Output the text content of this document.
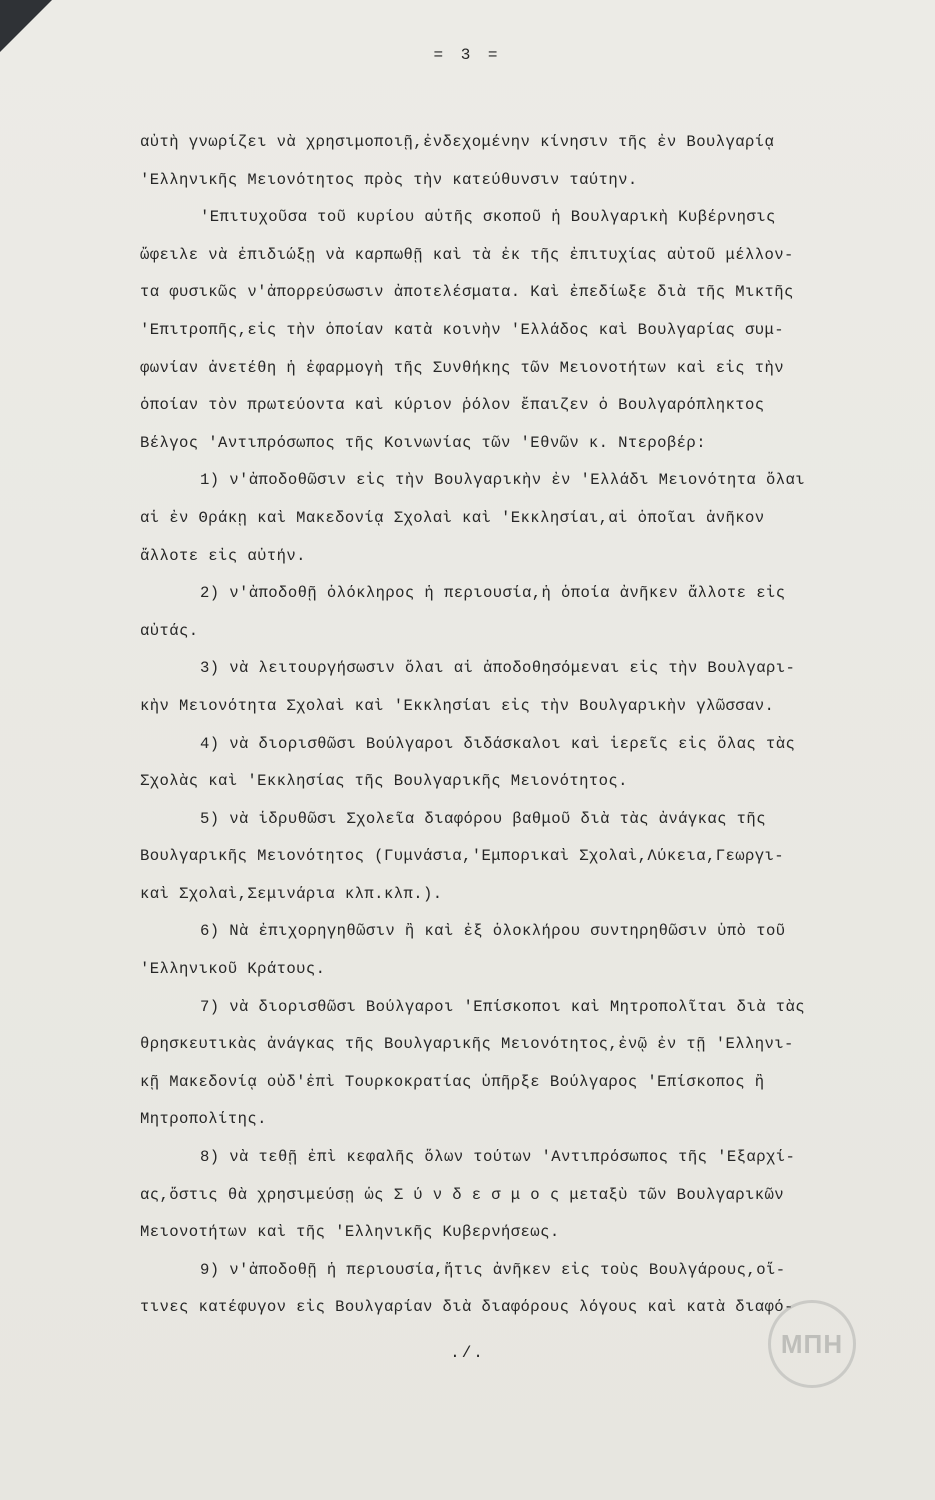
= 3 =

αὐτὴ γνωρίζει νὰ χρησιμοποιῇ,ἐνδεχομένην κίνησιν τῆς ἐν Βουλγαρίᾳ

'Ελληνικῆς Μειονότητος πρὸς τὴν κατεύθυνσιν ταύτην.

'Επιτυχοῦσα τοῦ κυρίου αὐτῆς σκοποῦ ἡ Βουλγαρικὴ Κυβέρνησις

ὤφειλε νὰ ἐπιδιώξῃ νὰ καρπωθῇ καὶ τὰ ἐκ τῆς ἐπιτυχίας αὐτοῦ μέλλον-

τα φυσικῶς ν'ἀπορρεύσωσιν ἀποτελέσματα. Καὶ ἐπεδίωξε διὰ τῆς Μικτῆς

'Επιτροπῆς,εἰς τὴν ὁποίαν κατὰ κοινὴν 'Ελλάδος καὶ Βουλγαρίας συμ-

φωνίαν ἀνετέθη ἡ ἐφαρμογὴ τῆς Συνθήκης τῶν Μειονοτήτων καὶ εἰς τὴν

ὁποίαν τὸν πρωτεύοντα καὶ κύριον ῥόλον ἔπαιζεν ὁ Βουλγαρόπληκτος

Βέλγος 'Αντιπρόσωπος τῆς Κοινωνίας τῶν 'Εθνῶν κ. Ντεροβέρ:

1) ν'ἀποδοθῶσιν εἰς τὴν Βουλγαρικὴν ἐν 'Ελλάδι Μειονότητα ὅλαι

αἱ ἐν Θράκῃ καὶ Μακεδονίᾳ Σχολαὶ καὶ 'Εκκλησίαι,αἱ ὁποῖαι ἀνῆκον

ἄλλοτε εἰς αὐτήν.

2) ν'ἀποδοθῇ ὁλόκληρος ἡ περιουσία,ἡ ὁποία ἀνῆκεν ἄλλοτε εἰς

αὐτάς.

3) νὰ λειτουργήσωσιν ὅλαι αἱ ἀποδοθησόμεναι εἰς τὴν Βουλγαρι-

κὴν Μειονότητα Σχολαὶ καὶ 'Εκκλησίαι εἰς τὴν Βουλγαρικὴν γλῶσσαν.

4) νὰ διορισθῶσι Βούλγαροι διδάσκαλοι καὶ ἱερεῖς εἰς ὅλας τὰς

Σχολὰς καὶ 'Εκκλησίας τῆς Βουλγαρικῆς Μειονότητος.

5) νὰ ἱδρυθῶσι Σχολεῖα διαφόρου βαθμοῦ διὰ τὰς ἀνάγκας τῆς

Βουλγαρικῆς Μειονότητος (Γυμνάσια,'Εμπορικαὶ Σχολαὶ,Λύκεια,Γεωργι-

καὶ Σχολαὶ,Σεμινάρια κλπ.κλπ.).

6) Νὰ ἐπιχορηγηθῶσιν ἢ καὶ ἐξ ὁλοκλήρου συντηρηθῶσιν ὑπὸ τοῦ

'Ελληνικοῦ Κράτους.

7) νὰ διορισθῶσι Βούλγαροι 'Επίσκοποι καὶ Μητροπολῖται διὰ τὰς

θρησκευτικὰς ἀνάγκας τῆς Βουλγαρικῆς Μειονότητος,ἐνῷ ἐν τῇ 'Ελληνι-

κῇ Μακεδονίᾳ οὐδ'ἐπὶ Τουρκοκρατίας ὑπῆρξε Βούλγαρος 'Επίσκοπος ἢ

Μητροπολίτης.

8) νὰ τεθῇ ἐπὶ κεφαλῆς ὅλων τούτων 'Αντιπρόσωπος τῆς 'Εξαρχί-

ας,ὅστις θὰ χρησιμεύσῃ ὡς Σ ύ ν δ ε σ μ ο ς μεταξὺ τῶν Βουλγαρικῶν

Μειονοτήτων καὶ τῆς 'Ελληνικῆς Κυβερνήσεως.

9) ν'ἀποδοθῇ ἡ περιουσία,ἥτις ἀνῆκεν εἰς τοὺς Βουλγάρους,οἵ-

τινες κατέφυγον εἰς Βουλγαρίαν διὰ διαφόρους λόγους καὶ κατὰ διαφό-

ΜΠΗ
./.
